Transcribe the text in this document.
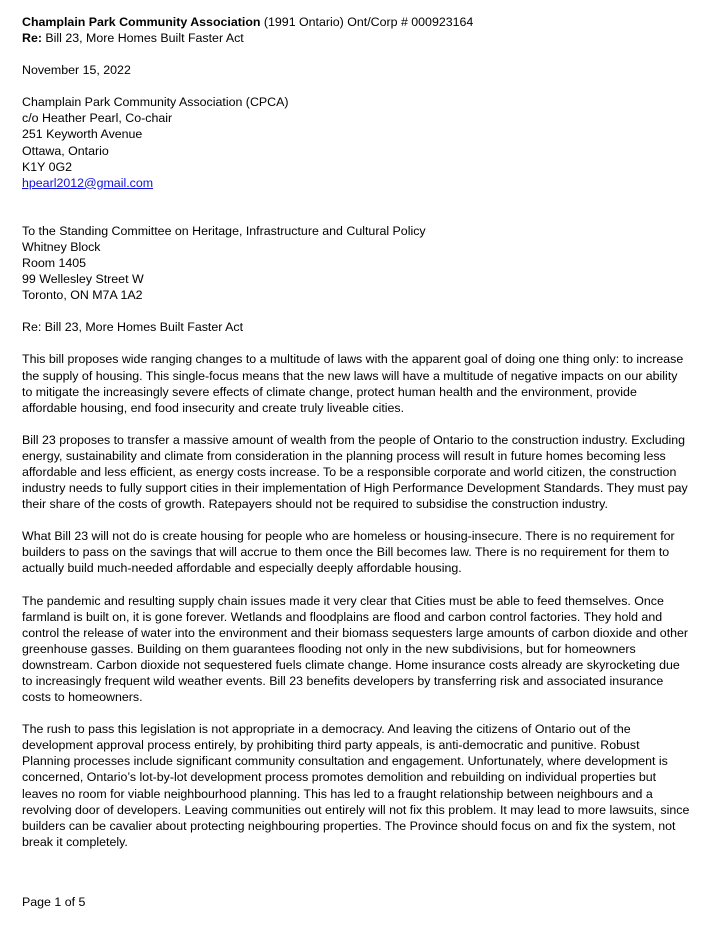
Champlain Park Community Association (1991 Ontario) Ont/Corp # 000923164
Re: Bill 23, More Homes Built Faster Act
November 15, 2022
Champlain Park Community Association (CPCA)
c/o Heather Pearl, Co-chair
251 Keyworth Avenue
Ottawa, Ontario
K1Y 0G2
hpearl2012@gmail.com
To the Standing Committee on Heritage, Infrastructure and Cultural Policy
Whitney Block
Room 1405
99 Wellesley Street W
Toronto, ON M7A 1A2
Re: Bill 23, More Homes Built Faster Act

This bill proposes wide ranging changes to a multitude of laws with the apparent goal of doing one thing only: to increase the supply of housing. This single-focus means that the new laws will have a multitude of negative impacts on our ability to mitigate the increasingly severe effects of climate change, protect human health and the environment, provide affordable housing, end food insecurity and create truly liveable cities.

Bill 23 proposes to transfer a massive amount of wealth from the people of Ontario to the construction industry. Excluding energy, sustainability and climate from consideration in the planning process will result in future homes becoming less affordable and less efficient, as energy costs increase. To be a responsible corporate and world citizen, the construction industry needs to fully support cities in their implementation of High Performance Development Standards. They must pay their share of the costs of growth. Ratepayers should not be required to subsidise the construction industry.

What Bill 23 will not do is create housing for people who are homeless or housing-insecure. There is no requirement for builders to pass on the savings that will accrue to them once the Bill becomes law. There is no requirement for them to actually build much-needed affordable and especially deeply affordable housing.

The pandemic and resulting supply chain issues made it very clear that Cities must be able to feed themselves. Once farmland is built on, it is gone forever. Wetlands and floodplains are flood and carbon control factories. They hold and control the release of water into the environment and their biomass sequesters large amounts of carbon dioxide and other greenhouse gasses. Building on them guarantees flooding not only in the new subdivisions, but for homeowners downstream. Carbon dioxide not sequestered fuels climate change. Home insurance costs already are skyrocketing due to increasingly frequent wild weather events. Bill 23 benefits developers by transferring risk and associated insurance costs to homeowners.

The rush to pass this legislation is not appropriate in a democracy. And leaving the citizens of Ontario out of the development approval process entirely, by prohibiting third party appeals, is anti-democratic and punitive. Robust Planning processes include significant community consultation and engagement. Unfortunately, where development is concerned, Ontario’s lot-by-lot development process promotes demolition and rebuilding on individual properties but leaves no room for viable neighbourhood planning. This has led to a fraught relationship between neighbours and a revolving door of developers. Leaving communities out entirely will not fix this problem. It may lead to more lawsuits, since builders can be cavalier about protecting neighbouring properties. The Province should focus on and fix the system, not break it completely.

Page 1 of 5
